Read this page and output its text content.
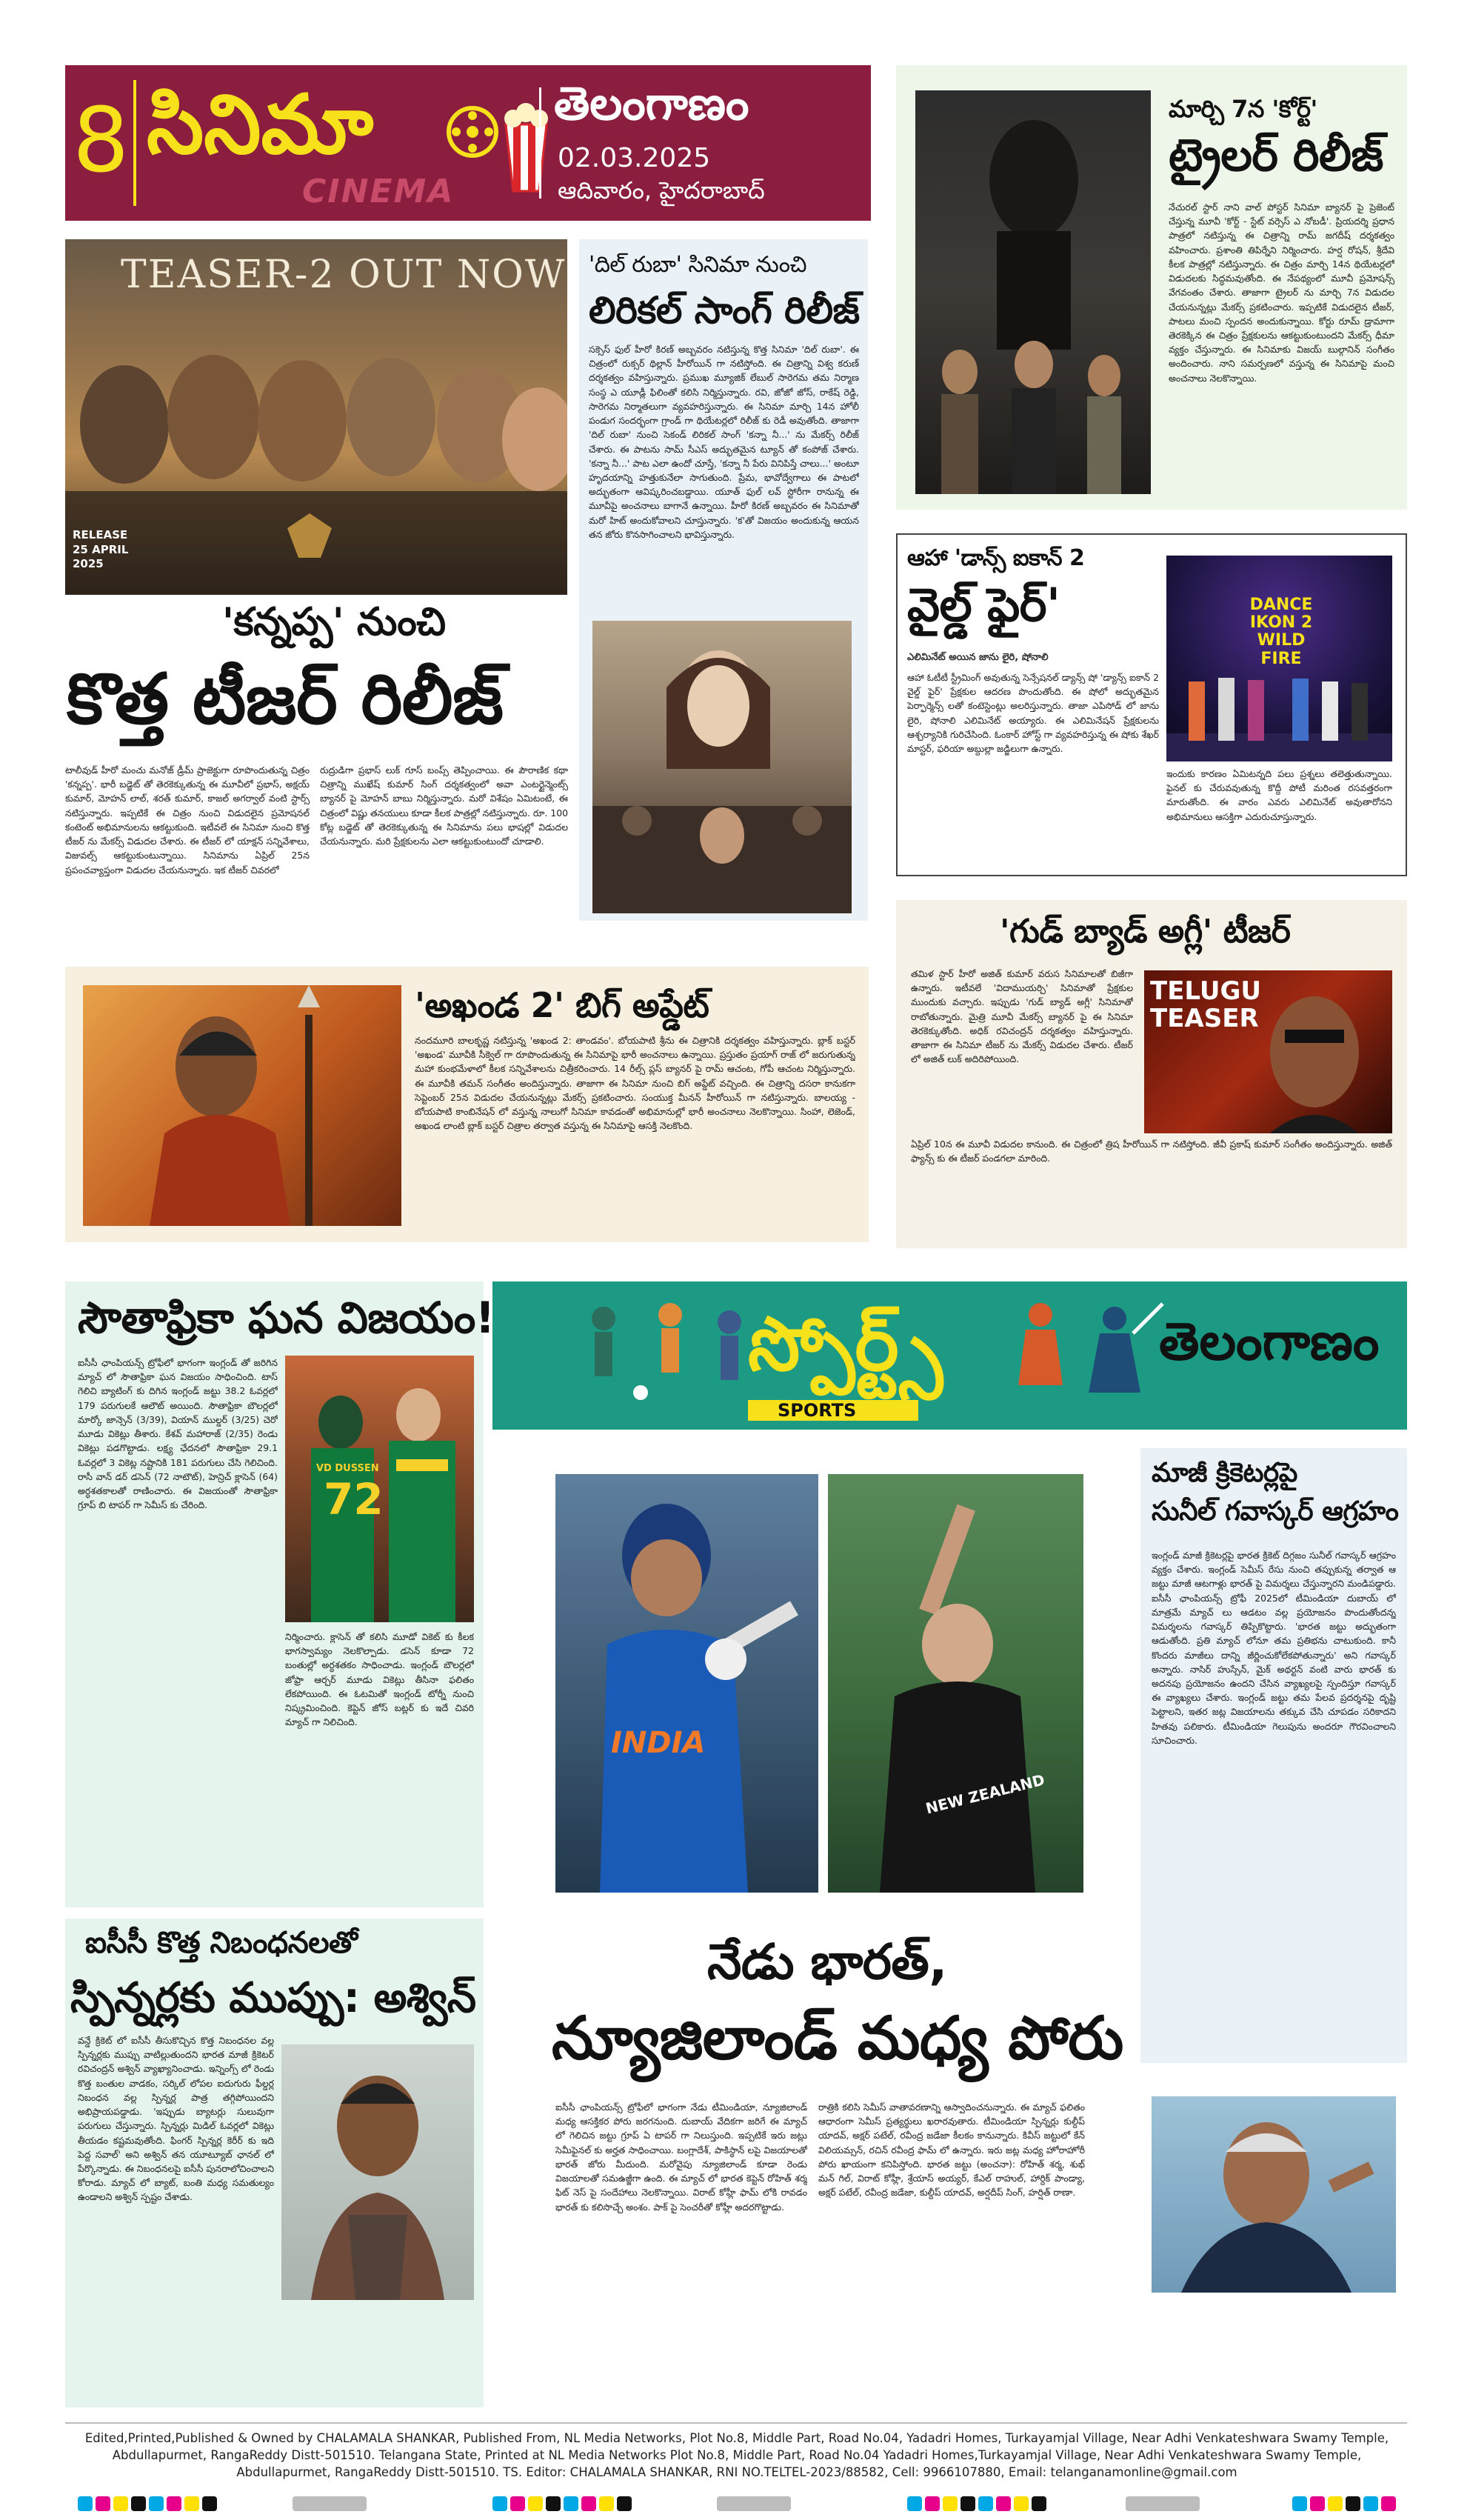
8 సినిమా
CINEMA
తెలంగాణం
02.03.2025
ఆదివారం, హైదరాబాద్
TEASER-2 OUT NOW
RELEASE 25 APRIL 2025
'కన్నప్ప' నుంచి
కొత్త టీజర్ రిలీజ్

టాలీవుడ్ హీరో మంచు మనోజ్ డ్రీమ్ ప్రాజెక్టుగా రూపొందుతున్న చిత్రం 'కన్నప్ప'. భారీ బడ్జెట్ తో తెరకెక్కుతున్న ఈ మూవీలో ప్రభాస్, అక్షయ్ కుమార్, మోహన్ లాల్, శరత్ కుమార్, కాజల్ అగర్వాల్ వంటి స్టార్స్ నటిస్తున్నారు. ఇప్పటికే ఈ చిత్రం నుంచి విడుదలైన ప్రమోషనల్ కంటెంట్ అభిమానులను ఆకట్టుకుంది. ఇటీవలే ఈ సినిమా నుంచి కొత్త టీజర్ ను మేకర్స్ విడుదల చేశారు. ఈ టీజర్ లో యాక్షన్ సన్నివేశాలు, విజువల్స్ ఆకట్టుకుంటున్నాయి. సినిమాను ఏప్రిల్ 25న ప్రపంచవ్యాప్తంగా విడుదల చేయనున్నారు. ఇక టీజర్ చివరలో

రుద్రుడిగా ప్రభాస్ లుక్ గూస్ బంప్స్ తెప్పించాయి. ఈ పౌరాణిక కథా చిత్రాన్ని ముఖేష్ కుమార్ సింగ్ దర్శకత్వంలో అవా ఎంటర్టైన్మెంట్స్ బ్యానర్ పై మోహన్ బాబు నిర్మిస్తున్నారు. మరో విశేషం ఏమిటంటే, ఈ చిత్రంలో విష్ణు తనయులు కూడా కీలక పాత్రల్లో నటిస్తున్నారు. రూ. 100 కోట్ల బడ్జెట్ తో తెరకెక్కుతున్న ఈ సినిమాను పలు భాషల్లో విడుదల చేయనున్నారు. మరి ప్రేక్షకులను ఎలా ఆకట్టుకుంటుందో చూడాలి.

'దిల్ రుబా' సినిమా నుంచి
లిరికల్ సాంగ్ రిలీజ్

సక్సెస్ ఫుల్ హీరో కిరణ్ అబ్బవరం నటిస్తున్న కొత్త సినిమా 'దిల్ రుబా'. ఈ చిత్రంలో రుక్సర్ థిల్లాన్ హీరోయిన్ గా నటిస్తోంది. ఈ చిత్రాన్ని విశ్వ కరుణ్ దర్శకత్వం వహిస్తున్నారు. ప్రముఖ మ్యూజిక్ లేబుల్ సారెగమ తమ నిర్మాణ సంస్థ ఎ యూడ్లీ ఫిలింతో కలిసి నిర్మిస్తున్నారు. రవి, జోజో జోస్, రాకేష్ రెడ్డి, సారెగమ నిర్మాతలుగా వ్యవహరిస్తున్నారు. ఈ సినిమా మార్చి 14న హోలీ పండుగ సందర్భంగా గ్రాండ్ గా థియేటర్లలో రిలీజ్ కు రెడీ అవుతోంది. తాజాగా 'దిల్ రుబా' నుంచి సెకండ్ లిరికల్ సాంగ్ 'కన్నా నీ...' ను మేకర్స్ రిలీజ్ చేశారు. ఈ పాటను సామ్ సీఎస్ అద్భుతమైన ట్యూన్ తో కంపోజ్ చేశారు. 'కన్నా నీ...' పాట ఎలా ఉందో చూస్తే, 'కన్నా నీ పేరు వినిపిస్తే చాలు...' అంటూ హృదయాన్ని హత్తుకునేలా సాగుతుంది. ప్రేమ, భావోద్వేగాలు ఈ పాటలో అద్భుతంగా ఆవిష్కరించబడ్డాయి. యూత్ ఫుల్ లవ్ స్టోరీగా రానున్న ఈ మూవీపై అంచనాలు బాగానే ఉన్నాయి. హీరో కిరణ్ అబ్బవరం ఈ సినిమాతో మరో హిట్ అందుకోవాలని చూస్తున్నారు. 'క'తో విజయం అందుకున్న ఆయన తన జోరు కొనసాగించాలని భావిస్తున్నారు.

మార్చి 7న 'కోర్ట్'
ట్రైలర్ రిలీజ్

నేచురల్ స్టార్ నాని వాల్ పోస్టర్ సినిమా బ్యానర్ పై ప్రెజెంట్ చేస్తున్న మూవీ 'కోర్ట్ - స్టేట్ వర్సెస్ ఎ నోబడీ'. ప్రియదర్శి ప్రధాన పాత్రలో నటిస్తున్న ఈ చిత్రాన్ని రామ్ జగదీష్ దర్శకత్వం వహించారు. ప్రశాంతి తిపిర్నేని నిర్మించారు. హర్ష రోషన్, శ్రీదేవి కీలక పాత్రల్లో నటిస్తున్నారు. ఈ చిత్రం మార్చి 14న థియేటర్లలో విడుదలకు సిద్ధమవుతోంది. ఈ నేపథ్యంలో మూవీ ప్రమోషన్స్ వేగవంతం చేశారు. తాజాగా ట్రైలర్ ను మార్చి 7న విడుదల చేయనున్నట్లు మేకర్స్ ప్రకటించారు. ఇప్పటికే విడుదలైన టీజర్, పాటలు మంచి స్పందన అందుకున్నాయి. కోర్టు రూమ్ డ్రామాగా తెరకెక్కిన ఈ చిత్రం ప్రేక్షకులను ఆకట్టుకుంటుందని మేకర్స్ ధీమా వ్యక్తం చేస్తున్నారు. ఈ సినిమాకు విజయ్ బుల్గానిన్ సంగీతం అందించారు. నాని సమర్పణలో వస్తున్న ఈ సినిమాపై మంచి అంచనాలు నెలకొన్నాయి.

ఆహా 'డాన్స్ ఐకాన్ 2
వైల్డ్ ఫైర్'
ఎలిమినేట్ అయిన జాను లైరి, షోనాలి

ఆహా ఓటీటీ స్ట్రీమింగ్ అవుతున్న సెన్సేషనల్ డ్యాన్స్ షో 'డ్యాన్స్ ఐకాన్ 2 వైల్డ్ ఫైర్' ప్రేక్షకుల ఆదరణ పొందుతోంది. ఈ షోలో అద్భుతమైన పెర్ఫార్మెన్స్ లతో కంటెస్టెంట్లు అలరిస్తున్నారు. తాజా ఎపిసోడ్ లో జాను లైరి, షోనాలి ఎలిమినేట్ అయ్యారు. ఈ ఎలిమినేషన్ ప్రేక్షకులను ఆశ్చర్యానికి గురిచేసింది. ఓంకార్ హోస్ట్ గా వ్యవహరిస్తున్న ఈ షోకు శేఖర్ మాస్టర్, ఫరియా అబ్దుల్లా జడ్జిలుగా ఉన్నారు.

DANCE IKON 2 WILD FIRE

ఇందుకు కారణం ఏమిటన్నది పలు ప్రశ్నలు తలెత్తుతున్నాయి. ఫైనల్ కు చేరువవుతున్న కొద్దీ పోటీ మరింత రసవత్తరంగా మారుతోంది. ఈ వారం ఎవరు ఎలిమినేట్ అవుతారోనని అభిమానులు ఆసక్తిగా ఎదురుచూస్తున్నారు.

'గుడ్ బ్యాడ్ అగ్లీ' టీజర్

తమిళ స్టార్ హీరో అజిత్ కుమార్ వరుస సినిమాలతో బిజీగా ఉన్నారు. ఇటీవలే 'విదాముయర్చి' సినిమాతో ప్రేక్షకుల ముందుకు వచ్చారు. ఇప్పుడు 'గుడ్ బ్యాడ్ అగ్లీ' సినిమాతో రాబోతున్నారు. మైత్రి మూవీ మేకర్స్ బ్యానర్ పై ఈ సినిమా తెరకెక్కుతోంది. అధిక్ రవిచంద్రన్ దర్శకత్వం వహిస్తున్నారు. తాజాగా ఈ సినిమా టీజర్ ను మేకర్స్ విడుదల చేశారు. టీజర్ లో అజిత్ లుక్ అదిరిపోయింది.

TELUGU TEASER

ఏప్రిల్ 10న ఈ మూవీ విడుదల కానుంది. ఈ చిత్రంలో త్రిష హీరోయిన్ గా నటిస్తోంది. జీవీ ప్రకాష్ కుమార్ సంగీతం అందిస్తున్నారు. అజిత్ ఫ్యాన్స్ కు ఈ టీజర్ పండగలా మారింది.

'అఖండ 2' బిగ్ అప్డేట్

నందమూరి బాలకృష్ణ నటిస్తున్న 'అఖండ 2: తాండవం'. బోయపాటి శ్రీను ఈ చిత్రానికి దర్శకత్వం వహిస్తున్నారు. బ్లాక్ బస్టర్ 'అఖండ' మూవీకి సీక్వెల్ గా రూపొందుతున్న ఈ సినిమాపై భారీ అంచనాలు ఉన్నాయి. ప్రస్తుతం ప్రయాగ్ రాజ్ లో జరుగుతున్న మహా కుంభమేళాలో కీలక సన్నివేశాలను చిత్రీకరించారు. 14 రీల్స్ ప్లస్ బ్యానర్ పై రామ్ ఆచంట, గోపీ ఆచంట నిర్మిస్తున్నారు. ఈ మూవీకి తమన్ సంగీతం అందిస్తున్నారు. తాజాగా ఈ సినిమా నుంచి బిగ్ అప్డేట్ వచ్చింది. ఈ చిత్రాన్ని దసరా కానుకగా సెప్టెంబర్ 25న విడుదల చేయనున్నట్లు మేకర్స్ ప్రకటించారు. సంయుక్త మీనన్ హీరోయిన్ గా నటిస్తున్నారు. బాలయ్య - బోయపాటి కాంబినేషన్ లో వస్తున్న నాలుగో సినిమా కావడంతో అభిమానుల్లో భారీ అంచనాలు నెలకొన్నాయి. సింహా, లెజెండ్, అఖండ లాంటి బ్లాక్ బస్టర్ చిత్రాల తర్వాత వస్తున్న ఈ సినిమాపై ఆసక్తి నెలకొంది.

స్పోర్ట్స్
SPORTS
తెలంగాణం
సౌతాఫ్రికా ఘన విజయం!

ఐసీసీ ఛాంపియన్స్ ట్రోఫీలో భాగంగా ఇంగ్లండ్ తో జరిగిన మ్యాచ్ లో సౌతాఫ్రికా ఘన విజయం సాధించింది. టాస్ గెలిచి బ్యాటింగ్ కు దిగిన ఇంగ్లండ్ జట్టు 38.2 ఓవర్లలో 179 పరుగులకే ఆలౌట్ అయింది. సౌతాఫ్రికా బౌలర్లలో మార్కో జాన్సెన్ (3/39), వియాన్ ముల్డర్ (3/25) చెరో మూడు వికెట్లు తీశారు. కేశవ్ మహారాజ్ (2/35) రెండు వికెట్లు పడగొట్టాడు. లక్ష్య ఛేదనలో సౌతాఫ్రికా 29.1 ఓవర్లలో 3 వికెట్ల నష్టానికి 181 పరుగులు చేసి గెలిచింది. రాసీ వాన్ డర్ డసెన్ (72 నాటౌట్), హెన్రిచ్ క్లాసెన్ (64) అర్ధశతకాలతో రాణించారు. ఈ విజయంతో సౌతాఫ్రికా గ్రూప్ బి టాపర్ గా సెమీస్ కు చేరింది.

VD DUSSEN
72

నిర్మించారు. క్లాసెన్ తో కలిసి మూడో వికెట్ కు కీలక భాగస్వామ్యం నెలకొల్పాడు. డసెన్ కూడా 72 బంతుల్లో అర్ధశతకం సాధించాడు. ఇంగ్లండ్ బౌలర్లలో జోఫ్రా ఆర్చర్ మూడు వికెట్లు తీసినా ఫలితం లేకపోయింది. ఈ ఓటమితో ఇంగ్లండ్ టోర్నీ నుంచి నిష్క్రమించింది. కెప్టెన్ జోస్ బట్లర్ కు ఇదే చివరి మ్యాచ్ గా నిలిచింది.

ఐసీసీ కొత్త నిబంధనలతో
స్పిన్నర్లకు ముప్పు: అశ్విన్

వన్డే క్రికెట్ లో ఐసీసీ తీసుకొచ్చిన కొత్త నిబంధనల వల్ల స్పిన్నర్లకు ముప్పు వాటిల్లుతుందని భారత మాజీ క్రికెటర్ రవిచంద్రన్ అశ్విన్ వ్యాఖ్యానించాడు. ఇన్నింగ్స్ లో రెండు కొత్త బంతుల వాడకం, సర్కిల్ లోపల ఐదుగురు ఫీల్డర్ల నిబంధన వల్ల స్పిన్నర్ల పాత్ర తగ్గిపోయిందని అభిప్రాయపడ్డాడు. 'ఇప్పుడు బ్యాటర్లు సులువుగా పరుగులు చేస్తున్నారు. స్పిన్నర్లు మిడిల్ ఓవర్లలో వికెట్లు తీయడం కష్టమవుతోంది. ఫింగర్ స్పిన్నర్ల కెరీర్ కు ఇది పెద్ద సవాల్' అని అశ్విన్ తన యూట్యూబ్ ఛానల్ లో పేర్కొన్నాడు. ఈ నిబంధనలపై ఐసీసీ పునరాలోచించాలని కోరాడు. మ్యాచ్ లో బ్యాట్, బంతి మధ్య సమతుల్యం ఉండాలని అశ్విన్ స్పష్టం చేశాడు.

INDIA
NEW ZEALAND
నేడు భారత్,
న్యూజిలాండ్ మధ్య పోరు

ఐసీసీ ఛాంపియన్స్ ట్రోఫీలో భాగంగా నేడు టీమిండియా, న్యూజిలాండ్ మధ్య ఆసక్తికర పోరు జరగనుంది. దుబాయ్ వేదికగా జరిగే ఈ మ్యాచ్ లో గెలిచిన జట్టు గ్రూప్ ఏ టాపర్ గా నిలుస్తుంది. ఇప్పటికే ఇరు జట్లు సెమీఫైనల్ కు అర్హత సాధించాయి. బంగ్లాదేశ్, పాకిస్థాన్ లపై విజయాలతో భారత్ జోరు మీదుంది. మరోవైపు న్యూజిలాండ్ కూడా రెండు విజయాలతో సమఉజ్జీగా ఉంది. ఈ మ్యాచ్ లో భారత కెప్టెన్ రోహిత్ శర్మ ఫిట్ నెస్ పై సందేహాలు నెలకొన్నాయి. విరాట్ కోహ్లీ ఫామ్ లోకి రావడం భారత్ కు కలిసొచ్చే అంశం. పాక్ పై సెంచరీతో కోహ్లీ అదరగొట్టాడు.

రాత్రికి కలిసి సెమీస్ వాతావరణాన్ని ఆస్వాదించనున్నారు. ఈ మ్యాచ్ ఫలితం ఆధారంగా సెమీస్ ప్రత్యర్థులు ఖరారవుతారు. టీమిండియా స్పిన్నర్లు కుల్దీప్ యాదవ్, అక్షర్ పటేల్, రవీంద్ర జడేజా కీలకం కానున్నారు. కివీస్ జట్టులో కేన్ విలియమ్సన్, రచిన్ రవీంద్ర ఫామ్ లో ఉన్నారు. ఇరు జట్ల మధ్య హోరాహోరీ పోరు ఖాయంగా కనిపిస్తోంది. భారత జట్టు (అంచనా): రోహిత్ శర్మ, శుభ్ మన్ గిల్, విరాట్ కోహ్లీ, శ్రేయాస్ అయ్యర్, కేఎల్ రాహుల్, హార్దిక్ పాండ్యా, అక్షర్ పటేల్, రవీంద్ర జడేజా, కుల్దీప్ యాదవ్, అర్షదీప్ సింగ్, హర్షిత్ రాణా.

మాజీ క్రికెటర్లపై
సునీల్ గవాస్కర్ ఆగ్రహం

ఇంగ్లండ్ మాజీ క్రికెటర్లపై భారత క్రికెట్ దిగ్గజం సునీల్ గవాస్కర్ ఆగ్రహం వ్యక్తం చేశారు. ఇంగ్లండ్ సెమీస్ రేసు నుంచి తప్పుకున్న తర్వాత ఆ జట్టు మాజీ ఆటగాళ్లు భారత్ పై విమర్శలు చేస్తున్నారని మండిపడ్డారు. ఐసీసీ ఛాంపియన్స్ ట్రోఫీ 2025లో టీమిండియా దుబాయ్ లో మాత్రమే మ్యాచ్ లు ఆడటం వల్ల ప్రయోజనం పొందుతోందన్న విమర్శలను గవాస్కర్ తిప్పికొట్టారు. 'భారత జట్టు అద్భుతంగా ఆడుతోంది. ప్రతి మ్యాచ్ లోనూ తమ ప్రతిభను చాటుకుంది. కానీ కొందరు మాజీలు దాన్ని జీర్ణించుకోలేకపోతున్నారు' అని గవాస్కర్ అన్నారు. నాసిర్ హుస్సేన్, మైక్ అథర్టన్ వంటి వారు భారత్ కు అదనపు ప్రయోజనం ఉందని చేసిన వ్యాఖ్యలపై స్పందిస్తూ గవాస్కర్ ఈ వ్యాఖ్యలు చేశారు. ఇంగ్లండ్ జట్టు తమ పేలవ ప్రదర్శనపై దృష్టి పెట్టాలని, ఇతర జట్ల విజయాలను తక్కువ చేసి చూపడం సరికాదని హితవు పలికారు. టీమిండియా గెలుపును అందరూ గౌరవించాలని సూచించారు.

Edited,Printed,Published & Owned by CHALAMALA SHANKAR, Published From, NL Media Networks, Plot No.8, Middle Part, Road No.04, Yadadri Homes, Turkayamjal Village, Near Adhi Venkateshwara Swamy Temple, Abdullapurmet, RangaReddy Distt-501510. Telangana State, Printed at NL Media Networks Plot No.8, Middle Part, Road No.04 Yadadri Homes,Turkayamjal Village, Near Adhi Venkateshwara Swamy Temple, Abdullapurmet, RangaReddy Distt-501510. TS. Editor: CHALAMALA SHANKAR, RNI NO.TELTEL-2023/88582, Cell: 9966107880, Email: telanganamonline@gmail.com
